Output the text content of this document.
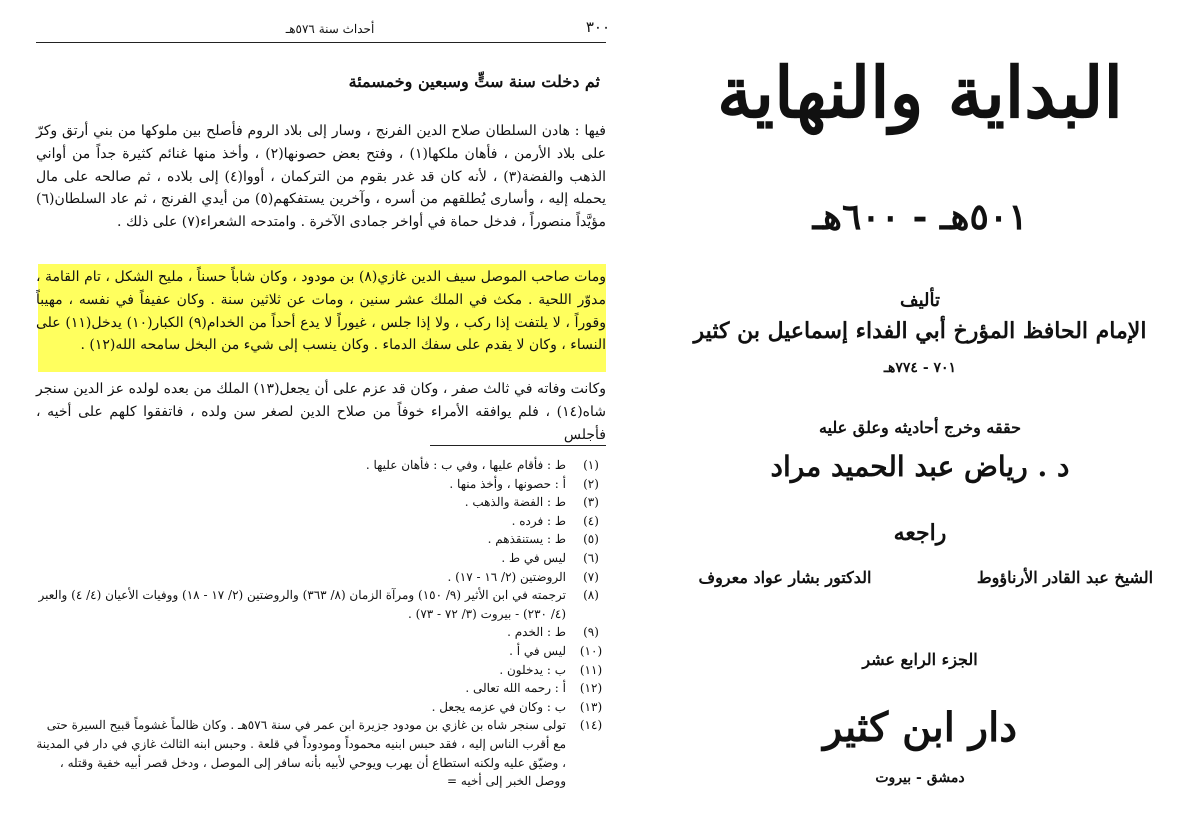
٣٠٠
أحداث سنة ٥٧٦هـ
ثم دخلت سنة ستٍّ وسبعين وخمسمئة
فيها : هادن السلطان صلاح الدين الفرنج ، وسار إلى بلاد الروم فأصلح بين ملوكها من بني أرتق وكرّ على بلاد الأرمن ، فأهان ملكها(١) ، وفتح بعض حصونها(٢) ، وأخذ منها غنائم كثيرة جداً من أواني الذهب والفضة(٣) ، لأنه كان قد غدر بقوم من التركمان ، أووا(٤) إلى بلاده ، ثم صالحه على مال يحمله إليه ، وأسارى يُطلقهم من أسره ، وآخرين يستفكهم(٥) من أيدي الفرنج ، ثم عاد السلطان(٦) مؤيَّداً منصوراً ، فدخل حماة في أواخر جمادى الآخرة . وامتدحه الشعراء(٧) على ذلك .
ومات صاحب الموصل سيف الدين غازي(٨) بن مودود ، وكان شاباً حسناً ، مليح الشكل ، تام القامة ، مدوّر اللحية . مكث في الملك عشر سنين ، ومات عن ثلاثين سنة . وكان عفيفاً في نفسه ، مهيباً وقوراً ، لا يلتفت إذا ركب ، ولا إذا جلس ، غيوراً لا يدع أحداً من الخدام(٩) الكبار(١٠) يدخل(١١) على النساء ، وكان لا يقدم على سفك الدماء . وكان ينسب إلى شيء من البخل سامحه الله(١٢) .
وكانت وفاته في ثالث صفر ، وكان قد عزم على أن يجعل(١٣) الملك من بعده لولده عز الدين سنجر شاه(١٤) ، فلم يوافقه الأمراء خوفاً من صلاح الدين لصغر سن ولده ، فاتفقوا كلهم على أخيه ، فأجلس
(١)
ط : فأقام عليها ، وفي ب : فأهان عليها .
(٢)
أ : حصونها ، وأخذ منها .
(٣)
ط : الفضة والذهب .
(٤)
ط : فرده .
(٥)
ط : يستنقذهم .
(٦)
ليس في ط .
(٧)
الروضتين (٢/ ١٦ - ١٧) .
(٨)
ترجمته في ابن الأثير (٩/ ١٥٠) ومرآة الزمان (٨/ ٣٦٣) والروضتين (٢/ ١٧ - ١٨) ووفيات الأعيان (٤/ ٤) والعبر (٤/ ٢٣٠) - بيروت (٣/ ٧٢ - ٧٣) .
(٩)
ط : الخدم .
(١٠)
ليس في أ .
(١١)
ب : يدخلون .
(١٢)
أ : رحمه الله تعالى .
(١٣)
ب : وكان في عزمه يجعل .
(١٤)
تولى سنجر شاه بن غازي بن مودود جزيرة ابن عمر في سنة ٥٧٦هـ . وكان ظالماً غشوماً قبيح السيرة حتى مع أقرب الناس إليه ، فقد حبس ابنيه محموداً ومودوداً في قلعة . وحبس ابنه الثالث غازي في دار في المدينة ، وضيّق عليه ولكنه استطاع أن يهرب ويوحي لأبيه بأنه سافر إلى الموصل ، ودخل قصر أبيه خفية وقتله ، ووصل الخبر إلى أخيه =
البداية والنهاية
٥٠١هـ - ٦٠٠هـ
تأليف
الإمام الحافظ المؤرخ أبي الفداء إسماعيل بن كثير
٧٠١ - ٧٧٤هـ
حققه وخرج أحاديثه وعلق عليه
د . رياض عبد الحميد مراد
راجعه
الشيخ عبد القادر الأرناؤوط
الدكتور بشار عواد معروف
الجزء الرابع عشر
دار ابن كثير
دمشق - بيروت
